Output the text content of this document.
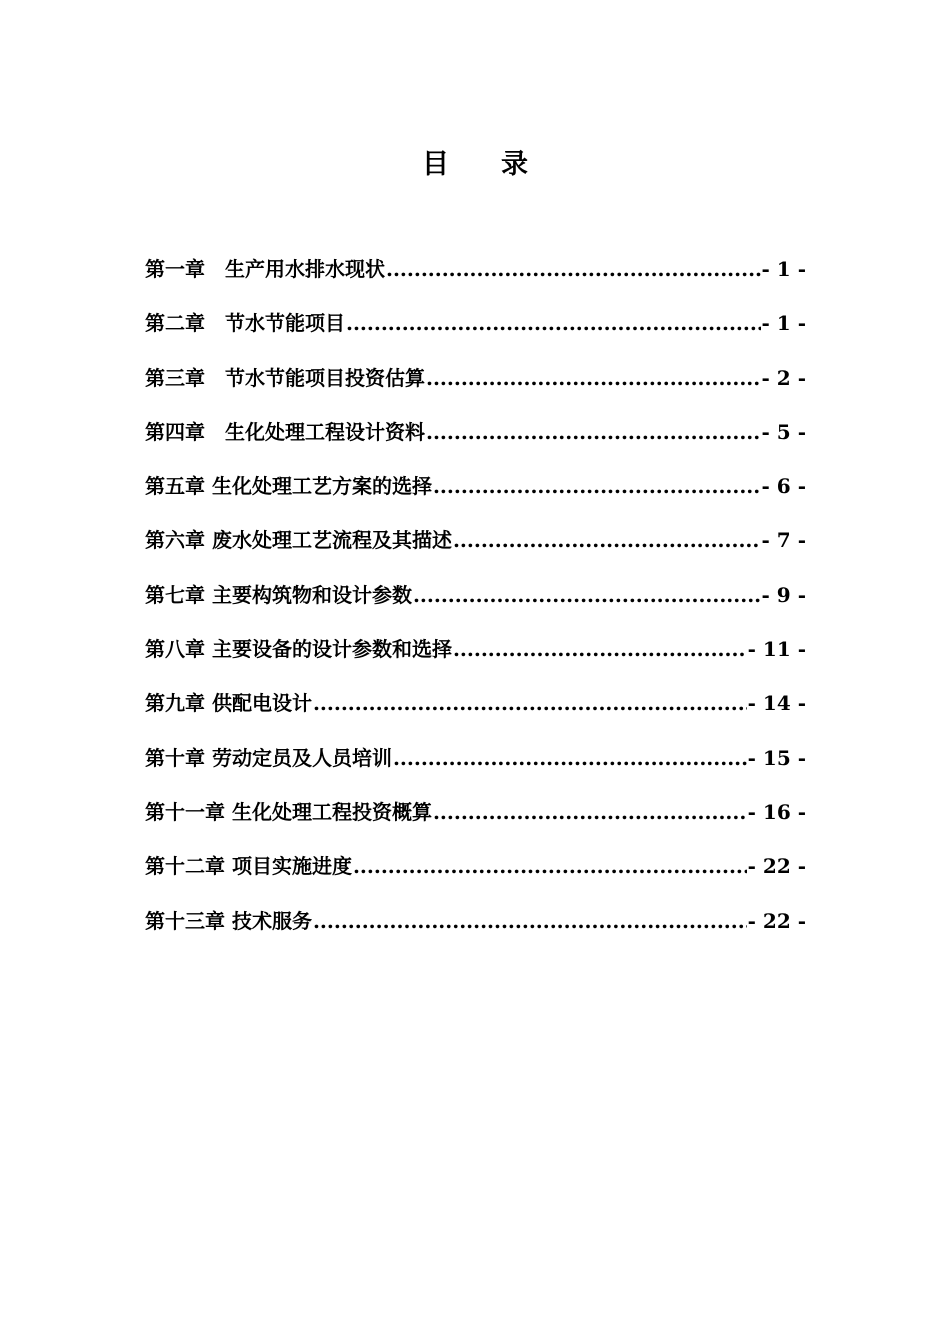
目 录
第一章　生产用水排水现状 .....	- 1 -
第二章　节水节能项目 .....	- 1 -
第三章　节水节能项目投资估算 .....	- 2 -
第四章　生化处理工程设计资料 .....	- 5 -
第五章 生化处理工艺方案的选择 .....	- 6 -
第六章 废水处理工艺流程及其描述 .....	- 7 -
第七章 主要构筑物和设计参数 .....	- 9 -
第八章 主要设备的设计参数和选择 .....	- 11 -
第九章 供配电设计 .....	- 14 -
第十章 劳动定员及人员培训 .....	- 15 -
第十一章 生化处理工程投资概算 .....	- 16 -
第十二章 项目实施进度 .....	- 22 -
第十三章 技术服务 .....	- 22 -
